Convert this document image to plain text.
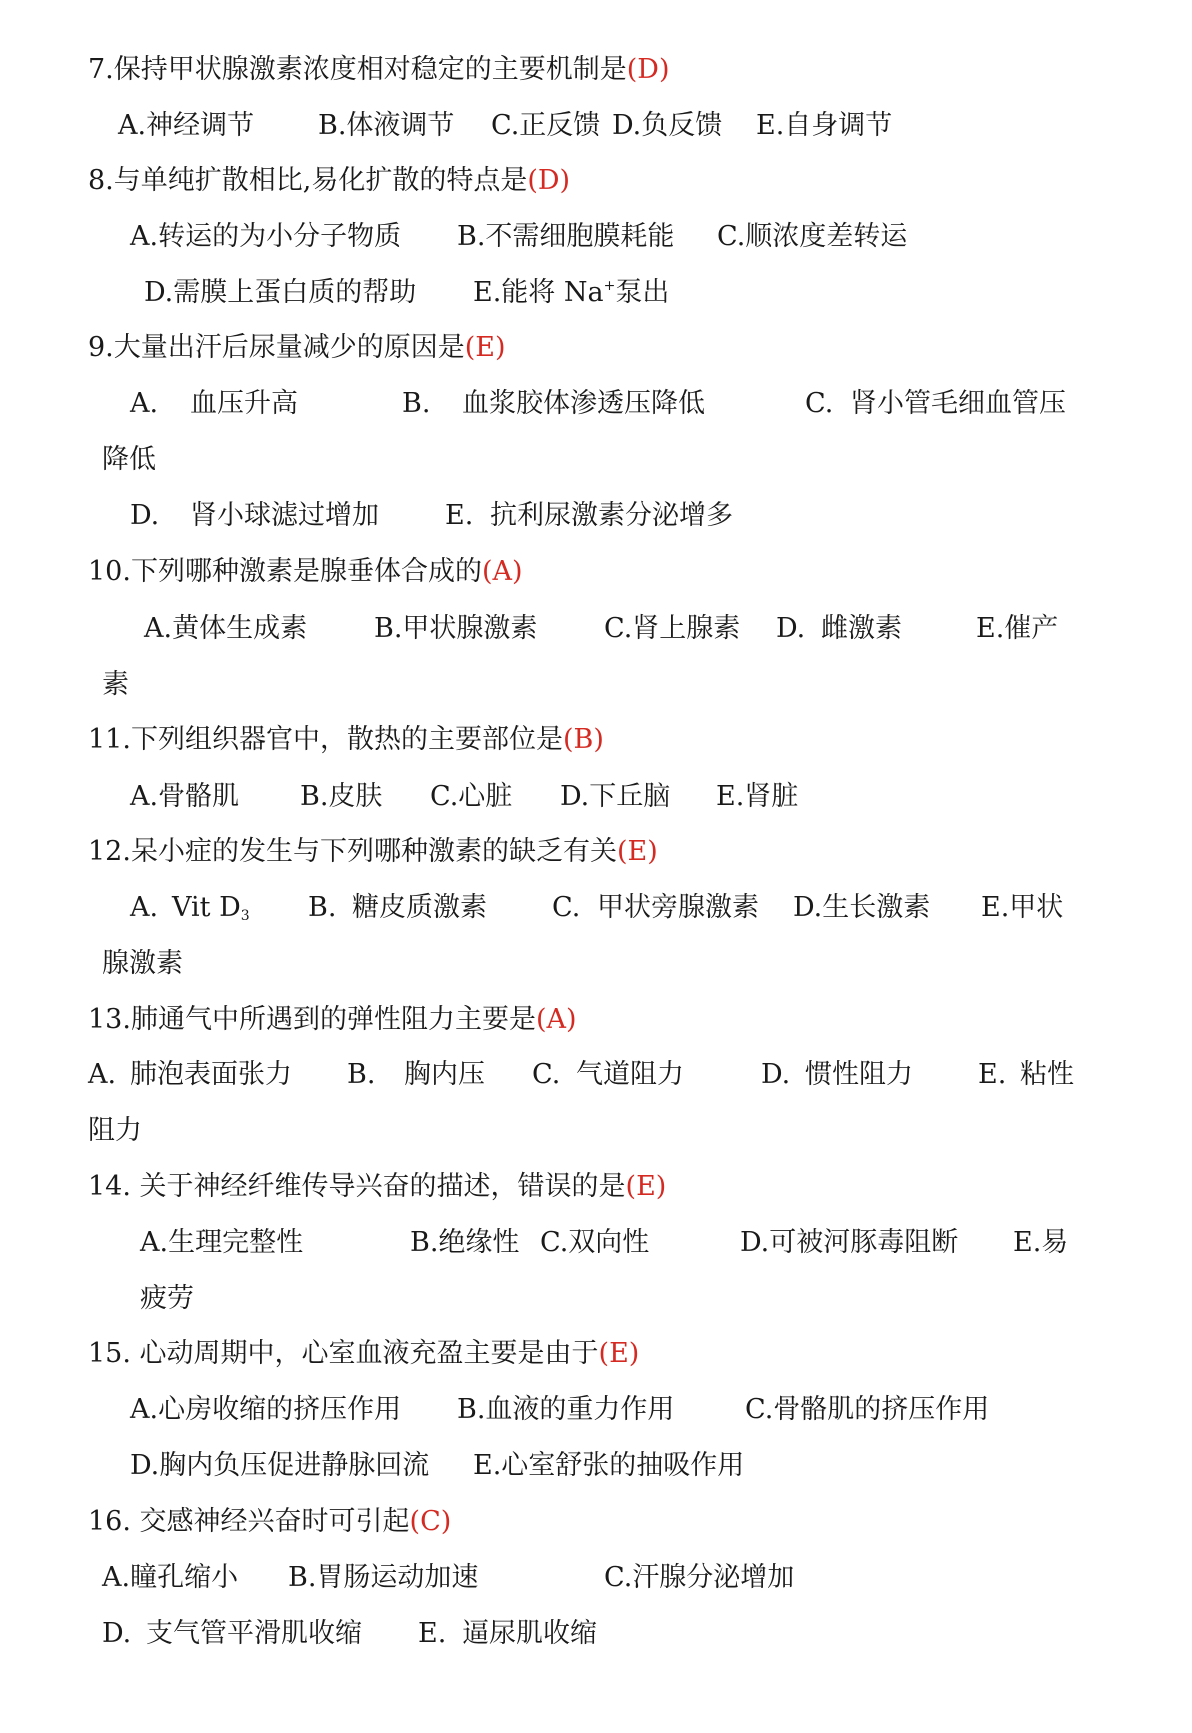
7.保持甲状腺激素浓度相对稳定的主要机制是(D)
A.神经调节 B.体液调节 C.正反馈 D.负反馈 E.自身调节
8.与单纯扩散相比,易化扩散的特点是(D)
A.转运的为小分子物质 B.不需细胞膜耗能 C.顺浓度差转运
D.需膜上蛋白质的帮助 E.能将 Na+泵出
9.大量出汗后尿量减少的原因是(E)
A. 血压升高	B. 血浆胶体渗透压降低	C. 肾小管毛细血管压
降低
D. 肾小球滤过增加 E. 抗利尿激素分泌增多
10.下列哪种激素是腺垂体合成的(A)
A.黄体生成素 B.甲状腺激素 C.肾上腺素 D. 雌激素	E.催产
素
11.下列组织器官中，散热的主要部位是(B)
A.骨骼肌 B.皮肤 C.心脏 D.下丘脑 E.肾脏
12.呆小症的发生与下列哪种激素的缺乏有关(E)
A. Vit $D_3$ B. 糖皮质激素 C. 甲状旁腺激素 D.生长激素 E.甲状
腺激素
13.肺通气中所遇到的弹性阻力主要是(A)
A. 肺泡表面张力 B. 胸内压 C. 气道阻力	D. 惯性阻力 E. 粘性
阻力
14. 关于神经纤维传导兴奋的描述，错误的是(E)
A.生理完整性	B.绝缘性 C.双向性	D.可被河豚毒阻断 E.易
疲劳
15. 心动周期中，心室血液充盈主要是由于(E)
A.心房收缩的挤压作用 B.血液的重力作用	C.骨骼肌的挤压作用
D.胸内负压促进静脉回流 E.心室舒张的抽吸作用
16. 交感神经兴奋时可引起(C)
A.瞳孔缩小 B.胃肠运动加速	C.汗腺分泌增加
D. 支气管平滑肌收缩 E. 逼尿肌收缩
